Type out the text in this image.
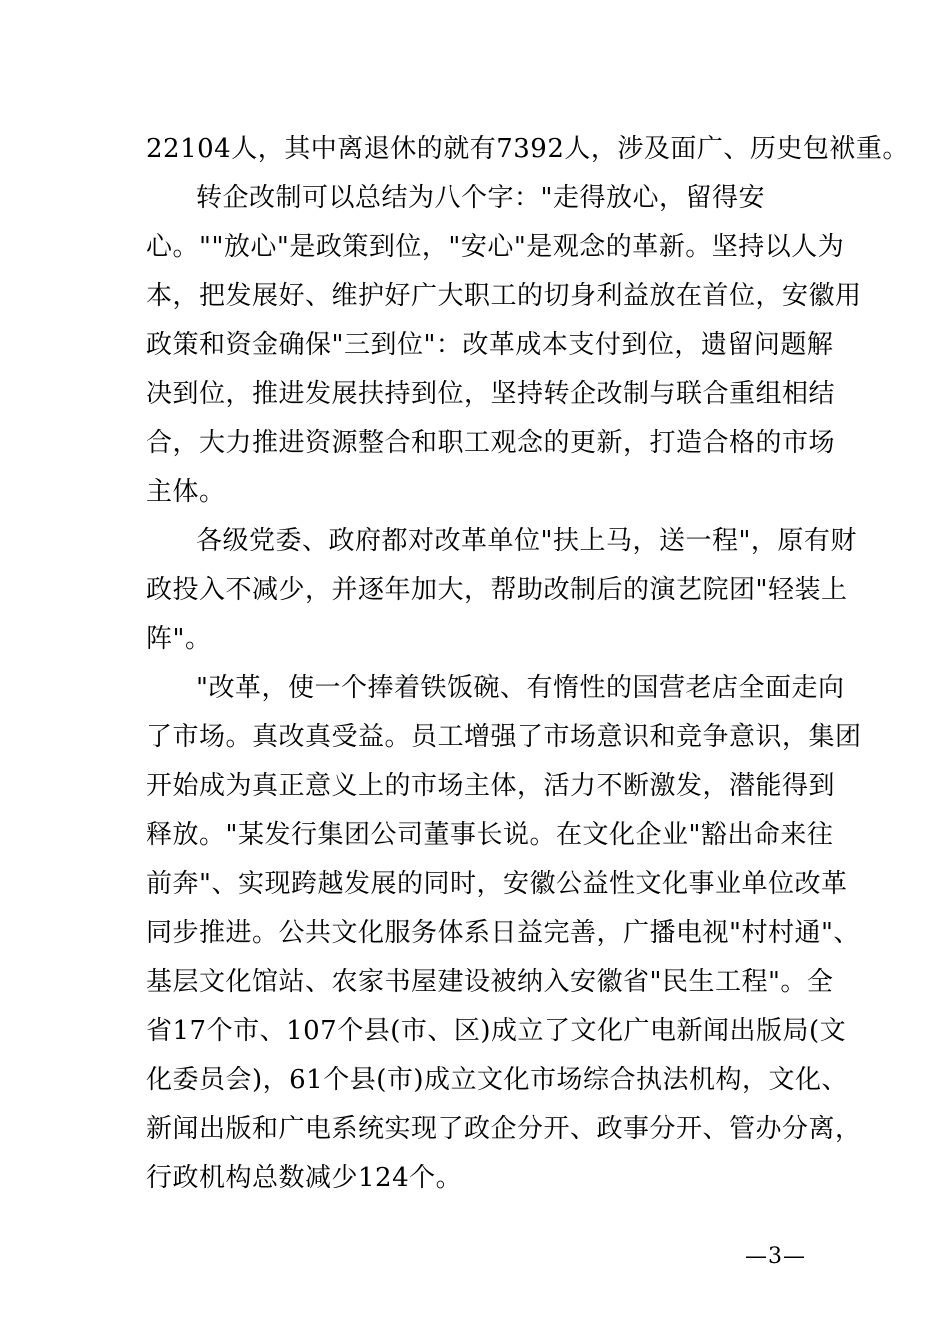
22104人，其中离退休的就有7392人，涉及面广、历史包袱重。
转企改制可以总结为八个字："走得放心，留得安
心。""放心"是政策到位，"安心"是观念的革新。坚持以人为
本，把发展好、维护好广大职工的切身利益放在首位，安徽用
政策和资金确保"三到位"：改革成本支付到位，遗留问题解
决到位，推进发展扶持到位，坚持转企改制与联合重组相结
合，大力推进资源整合和职工观念的更新，打造合格的市场
主体。
各级党委、政府都对改革单位"扶上马，送一程"，原有财
政投入不减少，并逐年加大，帮助改制后的演艺院团"轻装上
阵"。
"改革，使一个捧着铁饭碗、有惰性的国营老店全面走向
了市场。真改真受益。员工增强了市场意识和竞争意识，集团
开始成为真正意义上的市场主体，活力不断激发，潜能得到
释放。"某发行集团公司董事长说。在文化企业"豁出命来往
前奔"、实现跨越发展的同时，安徽公益性文化事业单位改革
同步推进。公共文化服务体系日益完善，广播电视"村村通"、
基层文化馆站、农家书屋建设被纳入安徽省"民生工程"。全
省17个市、107个县(市、区)成立了文化广电新闻出版局(文
化委员会)，61个县(市)成立文化市场综合执法机构，文化、
新闻出版和广电系统实现了政企分开、政事分开、管办分离，
行政机构总数减少124个。
—3—
